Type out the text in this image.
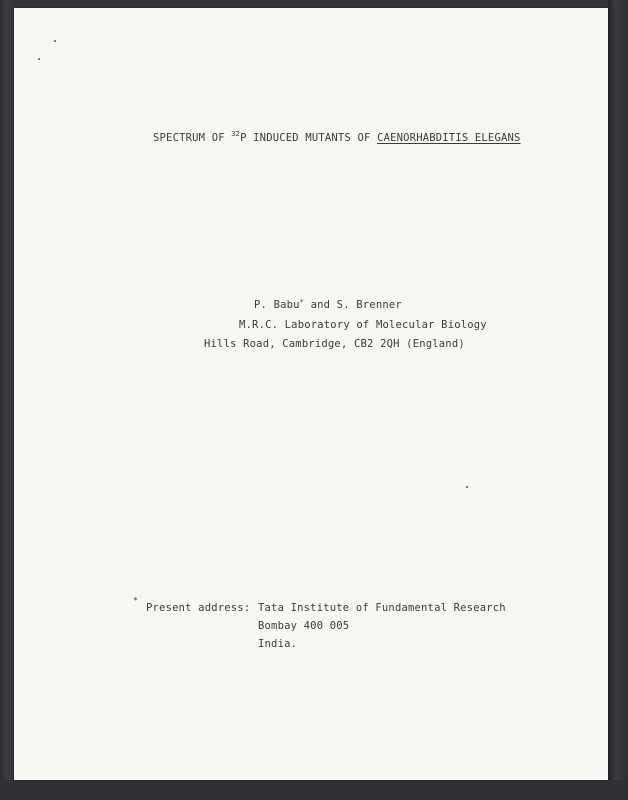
SPECTRUM OF $^{32}$P INDUCED MUTANTS OF CAENORHABDITIS ELEGANS
P. Babu* and S. Brenner
M.R.C. Laboratory of Molecular Biology
Hills Road, Cambridge, CB2 2QH (England)
*
Present address: Tata Institute of Fundamental Research
Bombay 400 005
India.
